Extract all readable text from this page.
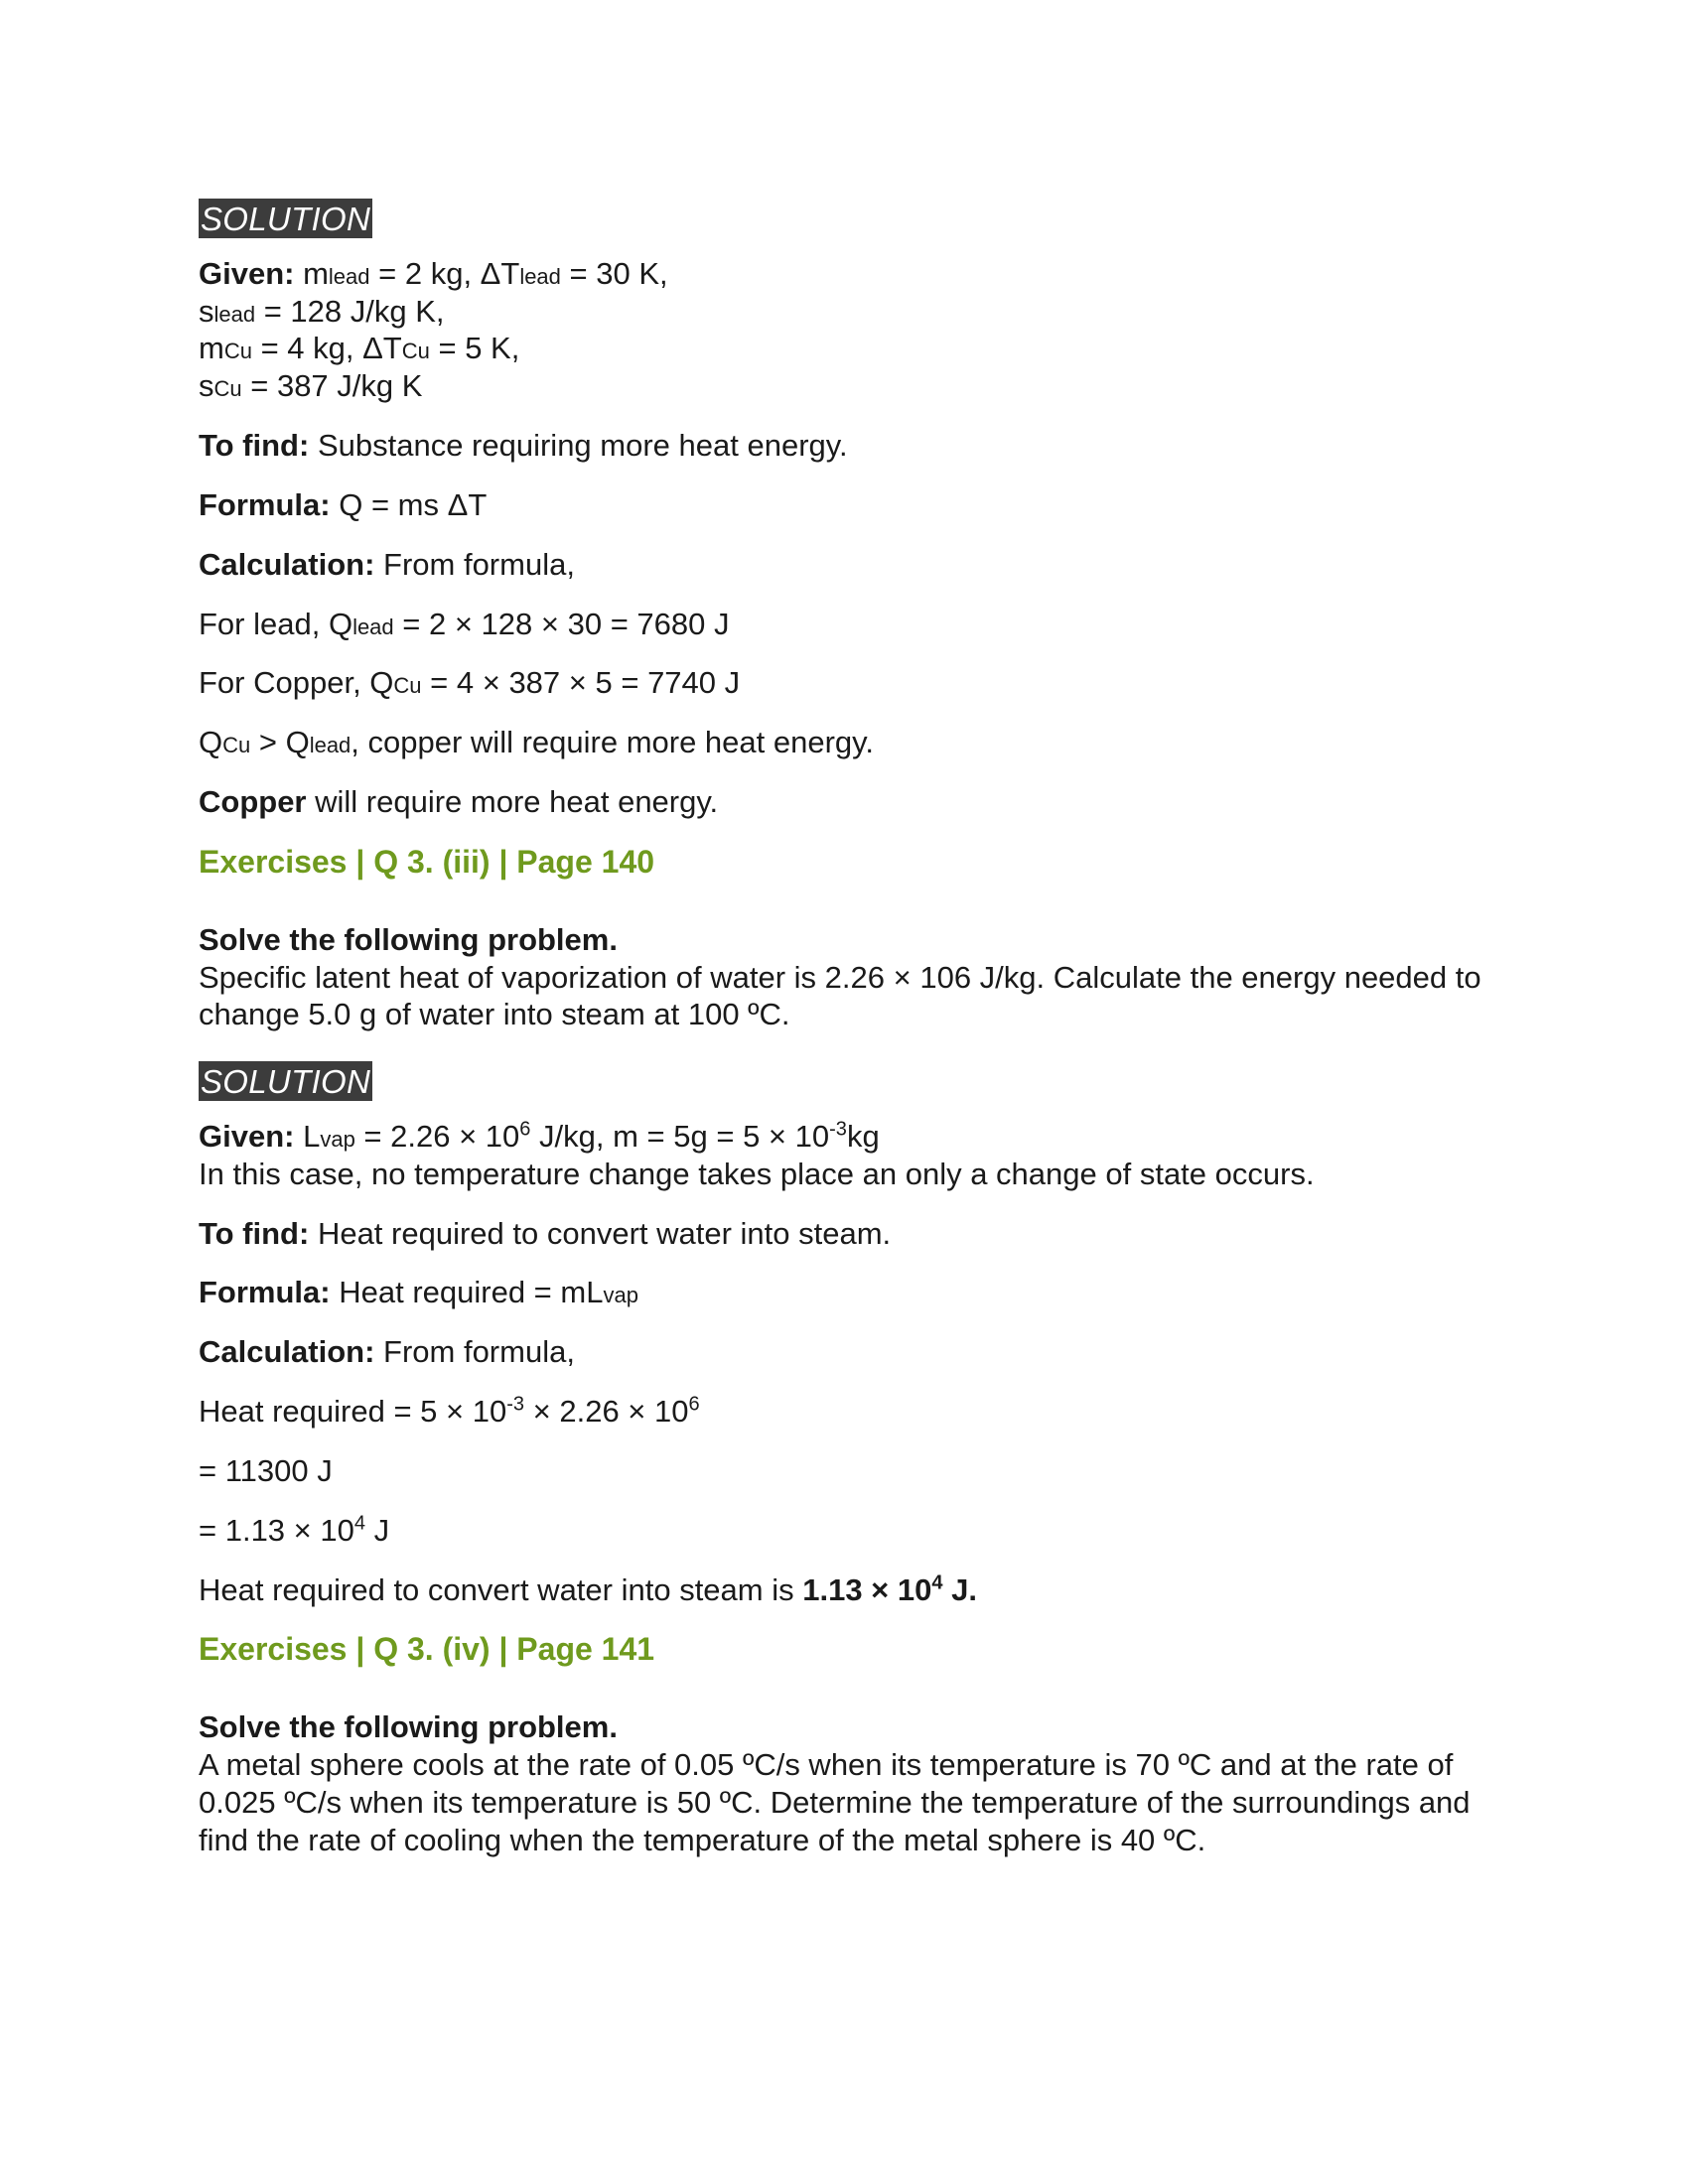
SOLUTION

Given: mlead = 2 kg, ΔTlead = 30 K,

slead = 128 J/kg K,

mCu = 4 kg, ΔTCu = 5 K,

sCu = 387 J/kg K

To find: Substance requiring more heat energy.

Formula: Q = ms ΔT

Calculation: From formula,

For lead, Qlead = 2 × 128 × 30 = 7680 J

For Copper, QCu = 4 × 387 × 5 = 7740 J

QCu > Qlead, copper will require more heat energy.

Copper will require more heat energy.

Exercises | Q 3. (iii) | Page 140

Solve the following problem.

Specific latent heat of vaporization of water is 2.26 × 106 J/kg. Calculate the energy needed to change 5.0 g of water into steam at 100 ºC.

SOLUTION

Given: Lvap = $2.26 \times 10^6$ J/kg, $m = 5g = 5 \times 10^{-3}kg$

In this case, no temperature change takes place an only a change of state occurs.

To find: Heat required to convert water into steam.

Formula: Heat required = mLvap

Calculation: From formula,

Heat required = $5 \times 10^{-3} \times 2.26 \times 10^6$

= 11300 J

= $1.13 \times 10^4$ J

Heat required to convert water into steam is $1.13 \times 10^4$ J.

Exercises | Q 3. (iv) | Page 141

Solve the following problem.

A metal sphere cools at the rate of 0.05 ºC/s when its temperature is 70 ºC and at the rate of 0.025 ºC/s when its temperature is 50 ºC. Determine the temperature of the surroundings and find the rate of cooling when the temperature of the metal sphere is 40 ºC.
